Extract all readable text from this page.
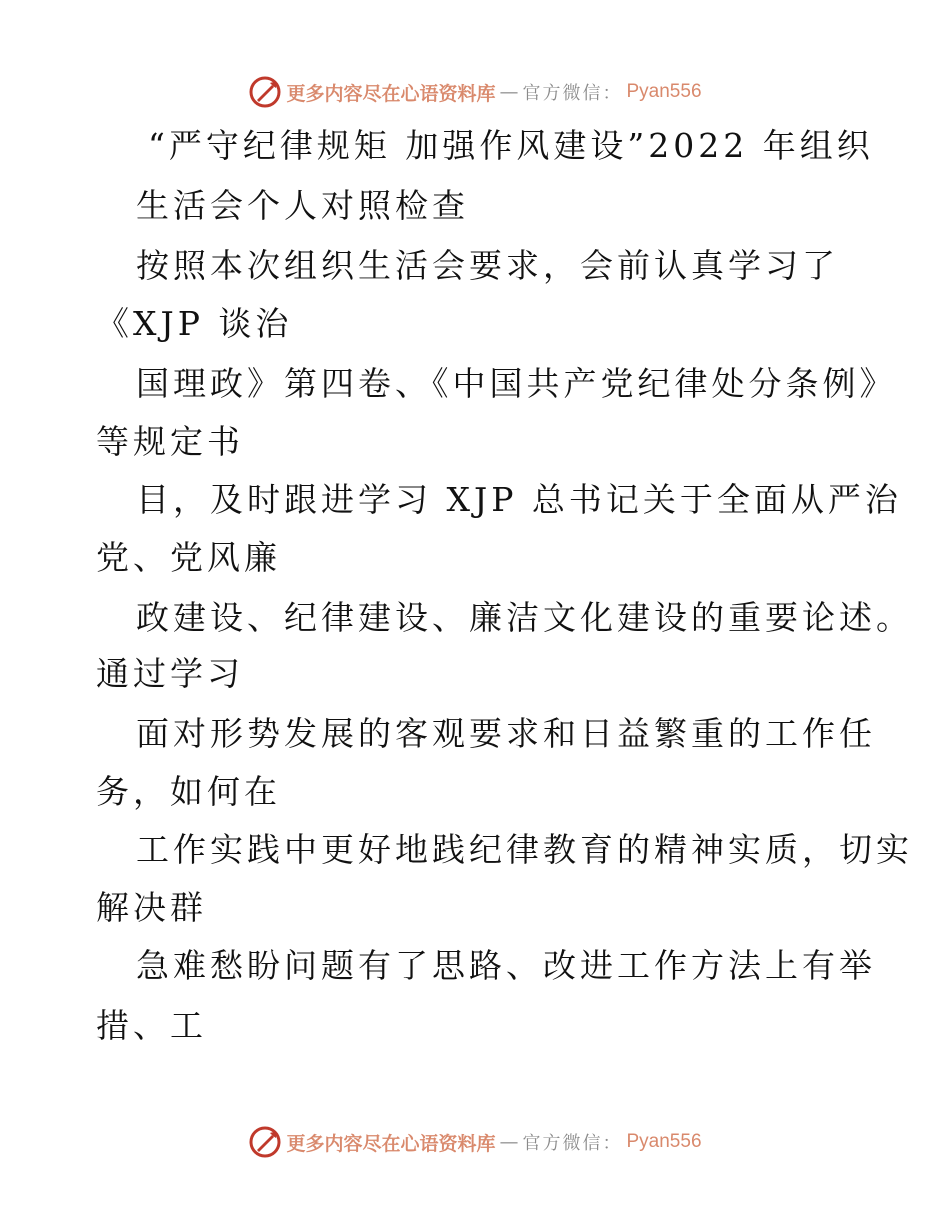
更多内容尽在心语资料库 — 官方微信： Pyan556
“严守纪律规矩 加强作风建设”2022 年组织
生活会个人对照检查
按照本次组织生活会要求，会前认真学习了
《XJP 谈治
国理政》第四卷、《中国共产党纪律处分条例》
等规定书
目，及时跟进学习 XJP 总书记关于全面从严治
党、党风廉
政建设、纪律建设、廉洁文化建设的重要论述。
通过学习
面对形势发展的客观要求和日益繁重的工作任
务，如何在
工作实践中更好地践纪律教育的精神实质，切实
解决群
急难愁盼问题有了思路、改进工作方法上有举
措、工
更多内容尽在心语资料库 — 官方微信： Pyan556
